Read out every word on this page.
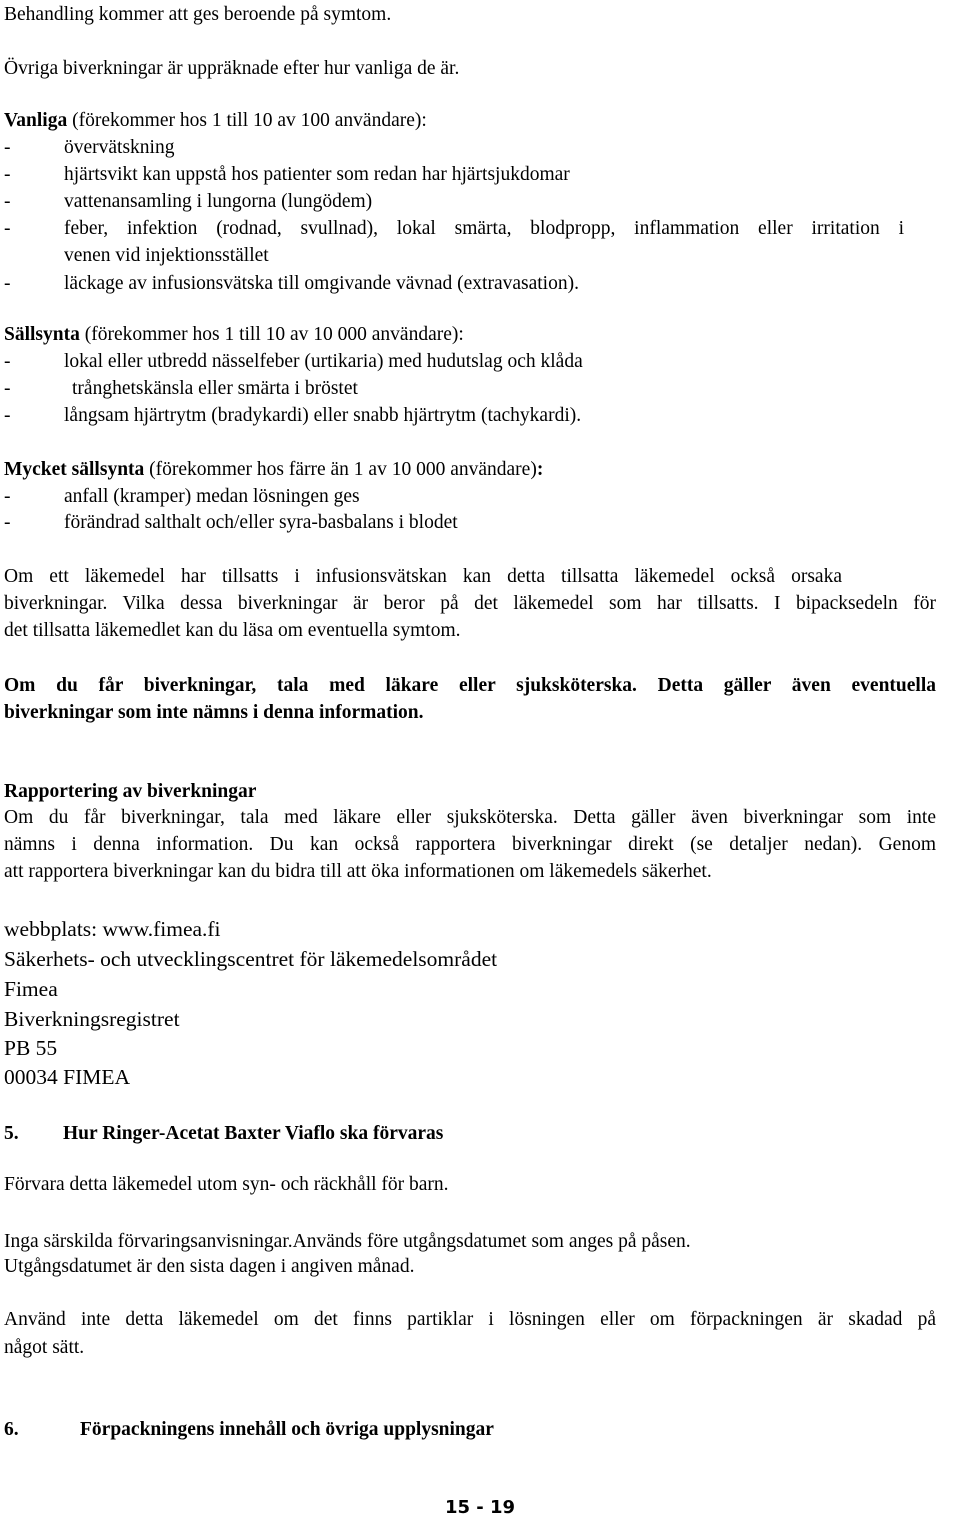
Behandling kommer att ges beroende på symtom.
Övriga biverkningar är uppräknade efter hur vanliga de är.
Vanliga (förekommer hos 1 till 10 av 100 användare):
-	övervätskning
-	hjärtsvikt kan uppstå hos patienter som redan har hjärtsjukdomar
-	vattenansamling i lungorna (lungödem)
-	feber, infektion (rodnad, svullnad), lokal smärta, blodpropp, inflammation eller irritation i
venen vid injektionsstället
-	läckage av infusionsvätska till omgivande vävnad (extravasation).
Sällsynta (förekommer hos 1 till 10 av 10 000 användare):
-	lokal eller utbredd nässelfeber (urtikaria) med hudutslag och klåda
-	trånghetskänsla eller smärta i bröstet
-	långsam hjärtrytm (bradykardi) eller snabb hjärtrytm (tachykardi).
Mycket sällsynta (förekommer hos färre än 1 av 10 000 användare):
-	anfall (kramper) medan lösningen ges
-	förändrad salthalt och/eller syra-basbalans i blodet
Om ett läkemedel har tillsatts i infusionsvätskan kan detta tillsatta läkemedel också orsaka
biverkningar. Vilka dessa biverkningar är beror på det läkemedel som har tillsatts. I bipacksedeln för
det tillsatta läkemedlet kan du läsa om eventuella symtom.
Om du får biverkningar, tala med läkare eller sjuksköterska. Detta gäller även eventuella
biverkningar som inte nämns i denna information.
Rapportering av biverkningar
Om du får biverkningar, tala med läkare eller sjuksköterska. Detta gäller även biverkningar som inte
nämns i denna information. Du kan också rapportera biverkningar direkt (se detaljer nedan). Genom
att rapportera biverkningar kan du bidra till att öka informationen om läkemedels säkerhet.
webbplats: www.fimea.fi
Säkerhets- och utvecklingscentret för läkemedelsområdet
Fimea
Biverkningsregistret
PB 55
00034 FIMEA
5. Hur Ringer-Acetat Baxter Viaflo ska förvaras
Förvara detta läkemedel utom syn- och räckhåll för barn.
Inga särskilda förvaringsanvisningar.Används före utgångsdatumet som anges på påsen.
Utgångsdatumet är den sista dagen i angiven månad.
Använd inte detta läkemedel om det finns partiklar i lösningen eller om förpackningen är skadad på
något sätt.
6.	Förpackningens innehåll och övriga upplysningar
15 - 19
